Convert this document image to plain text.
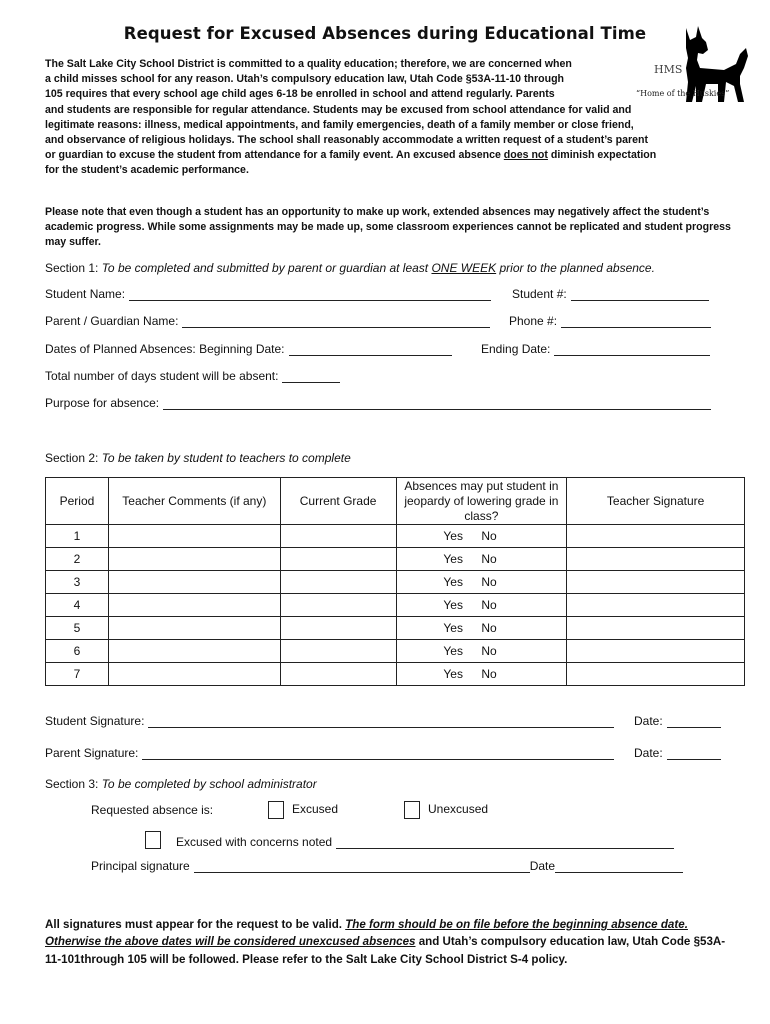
Request for Excused Absences during Educational Time
HMS
“Home of the Huskies”
The Salt Lake City School District is committed to a quality education; therefore, we are concerned when
a child misses school for any reason. Utah’s compulsory education law, Utah Code §53A-11-10 through
105 requires that every school age child ages 6-18 be enrolled in school and attend regularly. Parents
and students are responsible for regular attendance. Students may be excused from school attendance for valid and
legitimate reasons: illness, medical appointments, and family emergencies, death of a family member or close friend,
and observance of religious holidays. The school shall reasonably accommodate a written request of a student’s parent
or guardian to excuse the student from attendance for a family event. An excused absence does not diminish expectation
for the student’s academic performance.
Please note that even though a student has an opportunity to make up work, extended absences may negatively affect the student’s academic progress. While some assignments may be made up, some classroom experiences cannot be replicated and student progress may suffer.
Section 1: To be completed and submitted by parent or guardian at least ONE WEEK prior to the planned absence.
Student Name:	Student #:
Parent / Guardian Name:	Phone #:
Dates of Planned Absences: Beginning Date:	Ending Date:
Total number of days student will be absent:
Purpose for absence:
Section 2: To be taken by student to teachers to complete
Period	Teacher Comments (if any)	Current Grade	Absences may put student in jeopardy of lowering grade in class?	Teacher Signature
1			Yes No	
2			Yes No	
3			Yes No	
4			Yes No	
5			Yes No	
6			Yes No	
7			Yes No	
Student Signature:	Date:
Parent Signature:	Date:
Section 3: To be completed by school administrator
Requested absence is:	Excused	Unexcused
Excused with concerns noted
Principal signature	Date
All signatures must appear for the request to be valid. The form should be on file before the beginning absence date. Otherwise the above dates will be considered unexcused absences and Utah’s compulsory education law, Utah Code §53A-11-101through 105 will be followed. Please refer to the Salt Lake City School District S-4 policy.
